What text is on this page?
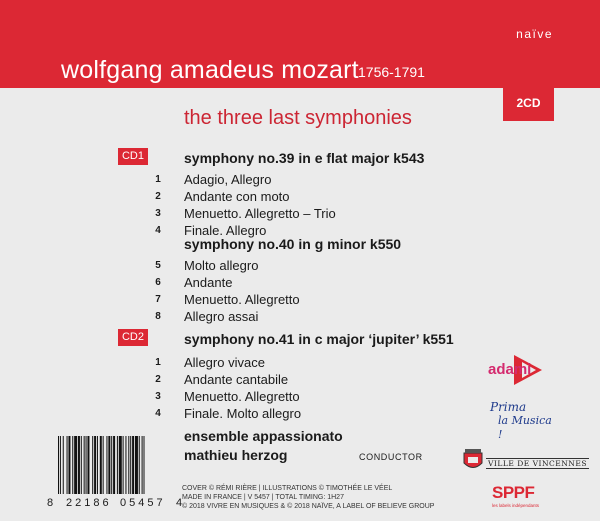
naïve
wolfgang amadeus mozart 1756-1791
2CD
the three last symphonies
CD1	symphony no.39 in e flat major k543
1	Adagio, Allegro
2	Andante con moto
3	Menuetto. Allegretto – Trio
4	Finale. Allegro
symphony no.40 in g minor k550
5	Molto allegro
6	Andante
7	Menuetto. Allegretto
8	Allegro assai
CD2	symphony no.41 in c major ‘jupiter’ k551
1	Allegro vivace
2	Andante cantabile
3	Menuetto. Allegretto
4	Finale. Molto allegro
ensemble appassionato
mathieu herzog	CONDUCTOR
8 22186 05457 4
COVER © RÉMI RIÈRE | ILLUSTRATIONS © TIMOTHÉE LE VÉEL
MADE IN FRANCE | V 5457 | TOTAL TIMING: 1H27
© 2018 VIVRE EN MUSIQUES & © 2018 NAÏVE, A LABEL OF BELIEVE GROUP
adami
Prima
la Musica !
VILLE DE VINCENNES
SPPF
les labels indépendants
